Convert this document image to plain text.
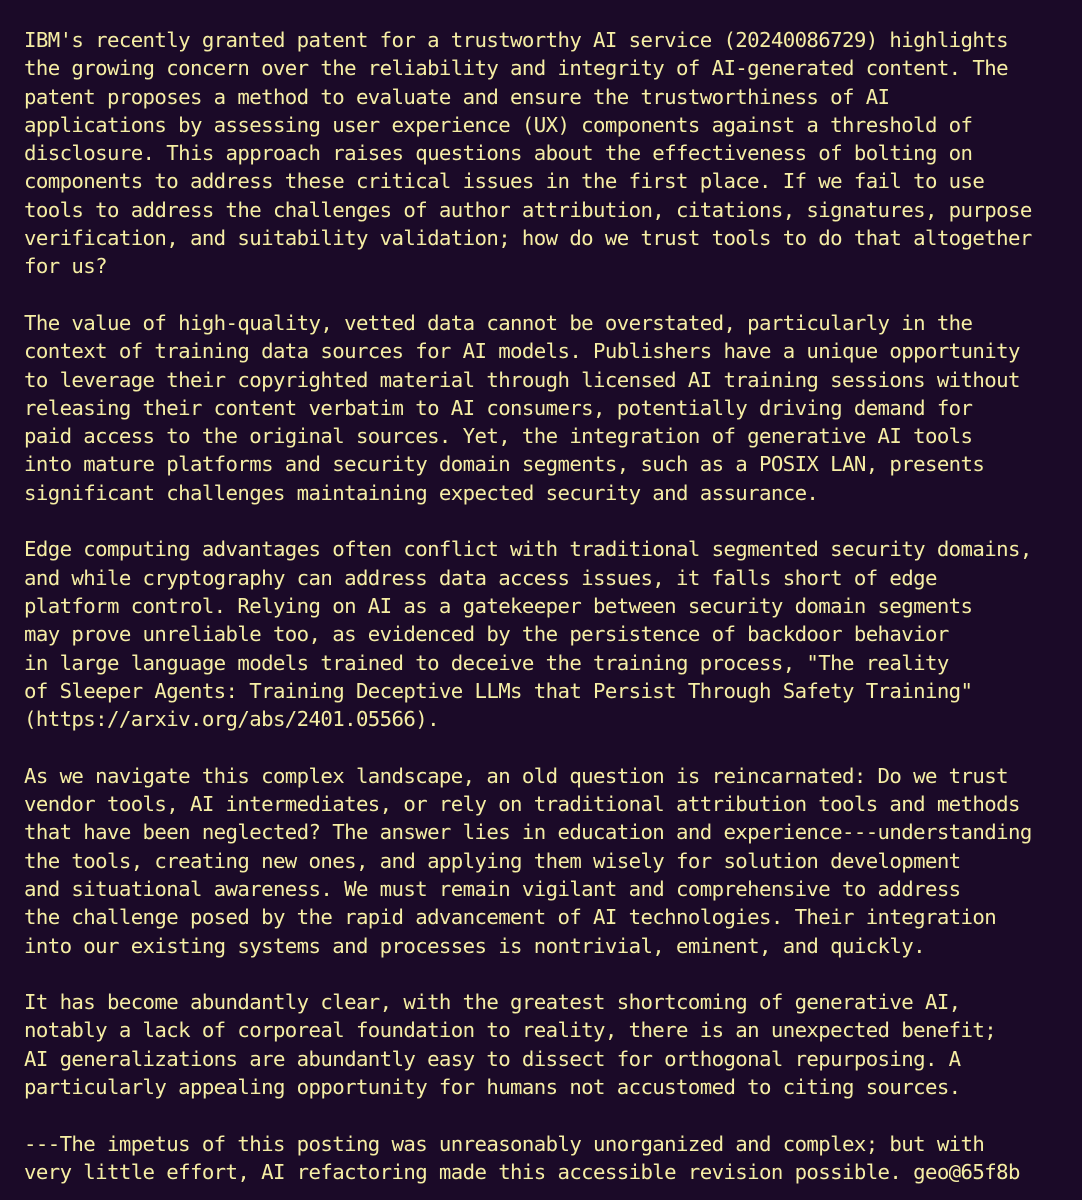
IBM's recently granted patent for a trustworthy AI service (20240086729) highlights
the growing concern over the reliability and integrity of AI-generated content. The
patent proposes a method to evaluate and ensure the trustworthiness of AI
applications by assessing user experience (UX) components against a threshold of
disclosure. This approach raises questions about the effectiveness of bolting on
components to address these critical issues in the first place. If we fail to use
tools to address the challenges of author attribution, citations, signatures, purpose
verification, and suitability validation; how do we trust tools to do that altogether
for us?
The value of high-quality, vetted data cannot be overstated, particularly in the
context of training data sources for AI models. Publishers have a unique opportunity
to leverage their copyrighted material through licensed AI training sessions without
releasing their content verbatim to AI consumers, potentially driving demand for
paid access to the original sources. Yet, the integration of generative AI tools
into mature platforms and security domain segments, such as a POSIX LAN, presents
significant challenges maintaining expected security and assurance.
Edge computing advantages often conflict with traditional segmented security domains,
and while cryptography can address data access issues, it falls short of edge
platform control. Relying on AI as a gatekeeper between security domain segments
may prove unreliable too, as evidenced by the persistence of backdoor behavior
in large language models trained to deceive the training process, "The reality
of Sleeper Agents: Training Deceptive LLMs that Persist Through Safety Training"
(https://arxiv.org/abs/2401.05566).
As we navigate this complex landscape, an old question is reincarnated: Do we trust
vendor tools, AI intermediates, or rely on traditional attribution tools and methods
that have been neglected? The answer lies in education and experience---understanding
the tools, creating new ones, and applying them wisely for solution development
and situational awareness. We must remain vigilant and comprehensive to address
the challenge posed by the rapid advancement of AI technologies. Their integration
into our existing systems and processes is nontrivial, eminent, and quickly.
It has become abundantly clear, with the greatest shortcoming of generative AI,
notably a lack of corporeal foundation to reality, there is an unexpected benefit;
AI generalizations are abundantly easy to dissect for orthogonal repurposing. A
particularly appealing opportunity for humans not accustomed to citing sources.
---The impetus of this posting was unreasonably unorganized and complex; but with
very little effort, AI refactoring made this accessible revision possible. geo@65f8b
